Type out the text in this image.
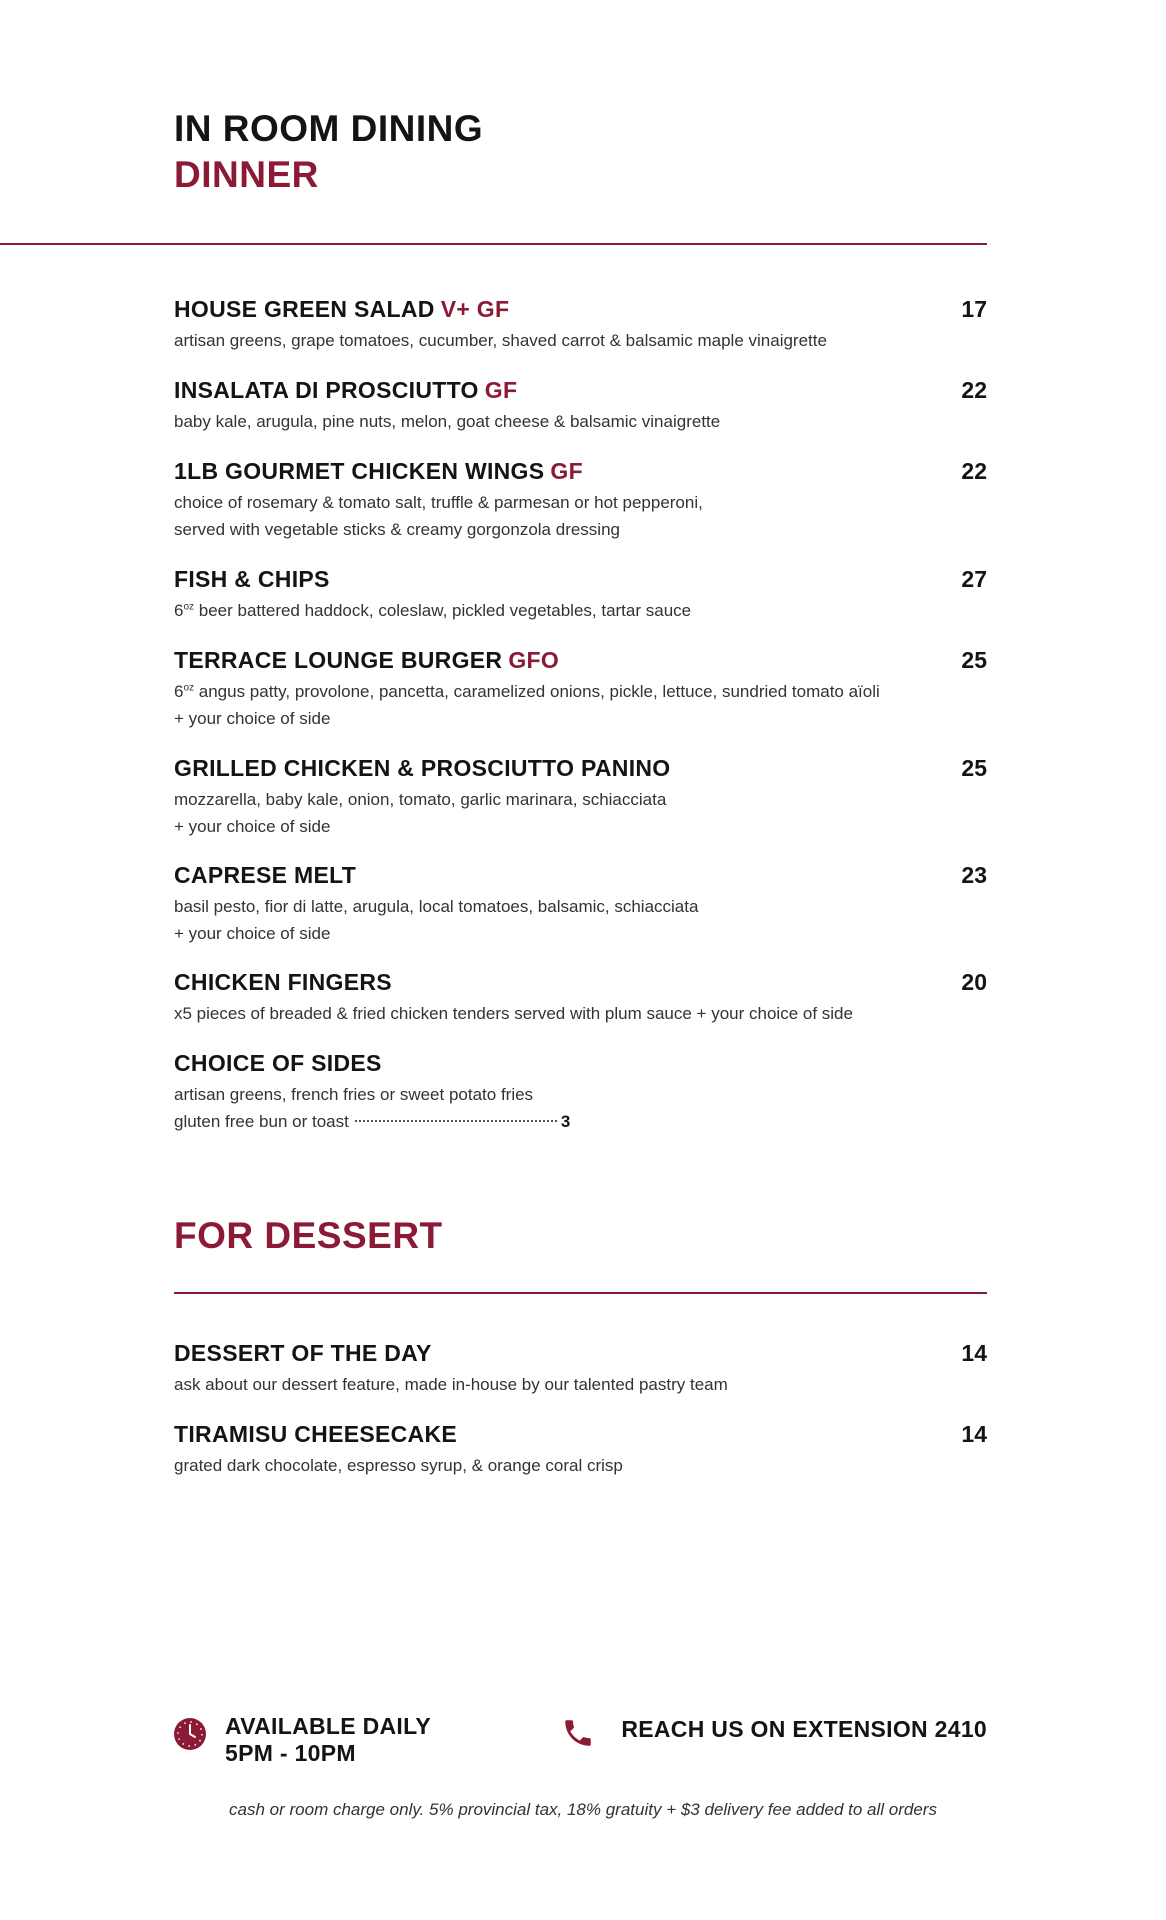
IN ROOM DINING
DINNER
HOUSE GREEN SALAD V+ GF	17
artisan greens, grape tomatoes, cucumber, shaved carrot & balsamic maple vinaigrette
INSALATA DI PROSCIUTTO GF	22
baby kale, arugula, pine nuts, melon, goat cheese & balsamic vinaigrette
1LB GOURMET CHICKEN WINGS GF	22
choice of rosemary & tomato salt, truffle & parmesan or hot pepperoni,
served with vegetable sticks & creamy gorgonzola dressing
FISH & CHIPS	27
$6^{oz}$ beer battered haddock, coleslaw, pickled vegetables, tartar sauce
TERRACE LOUNGE BURGER GFO	25
$6^{oz}$ angus patty, provolone, pancetta, caramelized onions, pickle, lettuce, sundried tomato aïoli
+ your choice of side
GRILLED CHICKEN & PROSCIUTTO PANINO	25
mozzarella, baby kale, onion, tomato, garlic marinara, schiacciata
+ your choice of side
CAPRESE MELT	23
basil pesto, fior di latte, arugula, local tomatoes, balsamic, schiacciata
+ your choice of side
CHICKEN FINGERS	20
x5 pieces of breaded & fried chicken tenders served with plum sauce + your choice of side
CHOICE OF SIDES
artisan greens, french fries or sweet potato fries
gluten free bun or toast	3
FOR DESSERT
DESSERT OF THE DAY	14
ask about our dessert feature, made in-house by our talented pastry team
TIRAMISU CHEESECAKE	14
grated dark chocolate, espresso syrup, & orange coral crisp
AVAILABLE DAILY
5PM - 10PM
REACH US ON EXTENSION 2410
cash or room charge only. 5% provincial tax, 18% gratuity + $3 delivery fee added to all orders
